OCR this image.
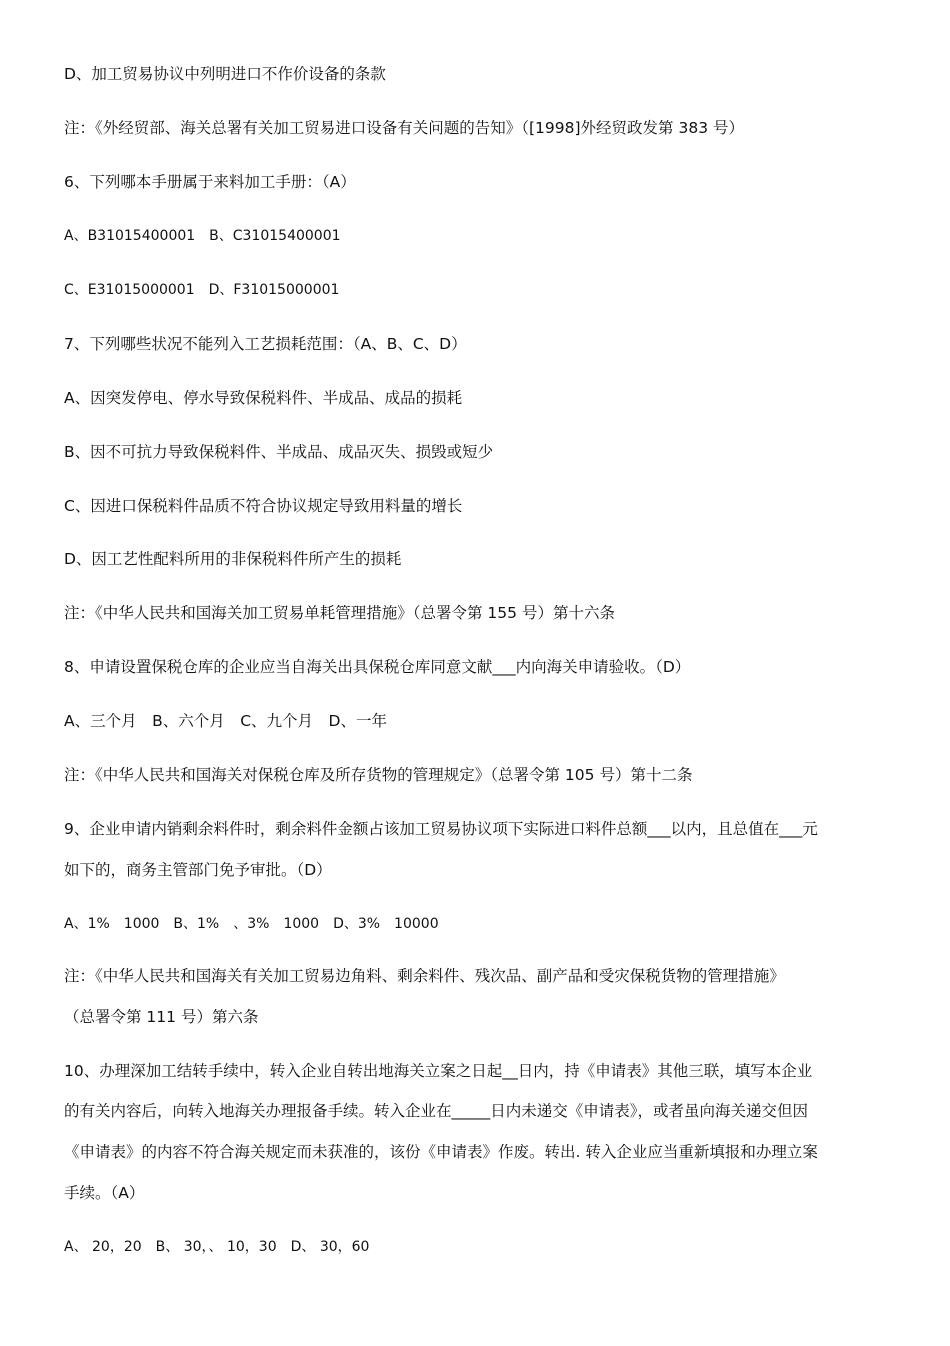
D、加工贸易协议中列明进口不作价设备的条款
注：《外经贸部、海关总署有关加工贸易进口设备有关问题的告知》（[1998]外经贸政发第 383 号）
6、下列哪本手册属于来料加工手册：（A）
A、B31015400001　B、C31015400001
C、E31015000001　D、F31015000001
7、下列哪些状况不能列入工艺损耗范围：（A、B、C、D）
A、因突发停电、停水导致保税料件、半成品、成品的损耗
B、因不可抗力导致保税料件、半成品、成品灭失、损毁或短少
C、因进口保税料件品质不符合协议规定导致用料量的增长
D、因工艺性配料所用的非保税料件所产生的损耗
注：《中华人民共和国海关加工贸易单耗管理措施》（总署令第 155 号）第十六条
8、申请设置保税仓库的企业应当自海关出具保税仓库同意文献___内向海关申请验收。（D）
A、三个月　B、六个月　C、九个月　D、一年
注：《中华人民共和国海关对保税仓库及所存货物的管理规定》（总署令第 105 号）第十二条
9、企业申请内销剩余料件时，剩余料件金额占该加工贸易协议项下实际进口料件总额___以内，且总值在___元
如下的，商务主管部门免予审批。（D）
A、1%　1000　B、1%　、3%　1000　D、3%　10000
注：《中华人民共和国海关有关加工贸易边角料、剩余料件、残次品、副产品和受灾保税货物的管理措施》
（总署令第 111 号）第六条
10、办理深加工结转手续中，转入企业自转出地海关立案之日起__日内，持《申请表》其他三联，填写本企业
的有关内容后，向转入地海关办理报备手续。转入企业在_____日内未递交《申请表》，或者虽向海关递交但因
《申请表》的内容不符合海关规定而未获准的，该份《申请表》作废。转出. 转入企业应当重新填报和办理立案
手续。（A）
A、 20，20　B、 30，、 10，30　D、 30，60
